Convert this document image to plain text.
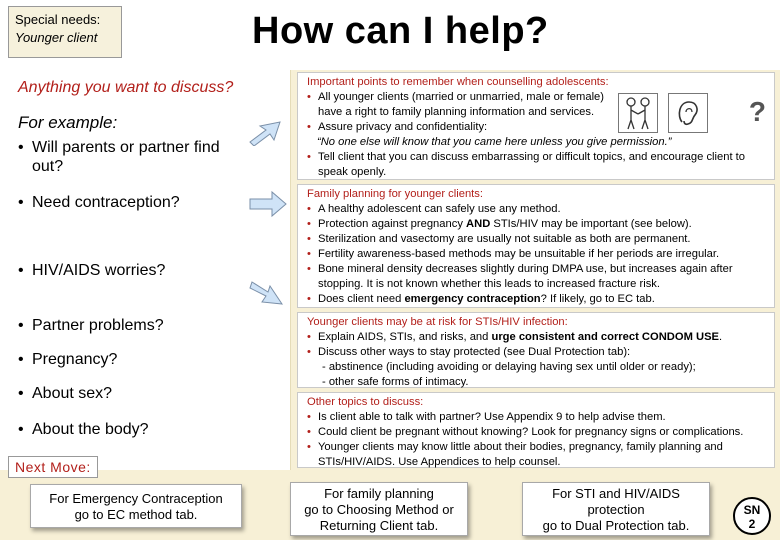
Special needs:
Younger client	How can I help?
Anything you want to discuss?
For example:
• Will parents or partner find out?
• Need contraception?
• HIV/AIDS worries?
• Partner problems?
• Pregnancy?
• About sex?
• About the body?
Important points to remember when counselling adolescents:
• All younger clients (married or unmarried, male or female) have a right to family planning information and services.
• Assure privacy and confidentiality:
“No one else will know that you came here unless you give permission.”
• Tell client that you can discuss embarrassing or difficult topics, and encourage client to speak openly.
?
Family planning for younger clients:
• A healthy adolescent can safely use any method.
• Protection against pregnancy AND STIs/HIV may be important (see below).
• Sterilization and vasectomy are usually not suitable as both are permanent.
• Fertility awareness-based methods may be unsuitable if her periods are irregular.
• Bone mineral density decreases slightly during DMPA use, but increases again after stopping. It is not known whether this leads to increased fracture risk.
• Does client need emergency contraception? If likely, go to EC tab.
Younger clients may be at risk for STIs/HIV infection:
• Explain AIDS, STIs, and risks, and urge consistent and correct CONDOM USE.
• Discuss other ways to stay protected (see Dual Protection tab):
- abstinence (including avoiding or delaying having sex until older or ready);
- other safe forms of intimacy.
Other topics to discuss:
• Is client able to talk with partner? Use Appendix 9 to help advise them.
• Could client be pregnant without knowing? Look for pregnancy signs or complications.
• Younger clients may know little about their bodies, pregnancy, family planning and STIs/HIV/AIDS. Use Appendices to help counsel.
Next Move:
For Emergency Contraception
go to EC method tab.
For family planning
go to Choosing Method or
Returning Client tab.
For STI and HIV/AIDS
protection
go to Dual Protection tab.
SN
2
